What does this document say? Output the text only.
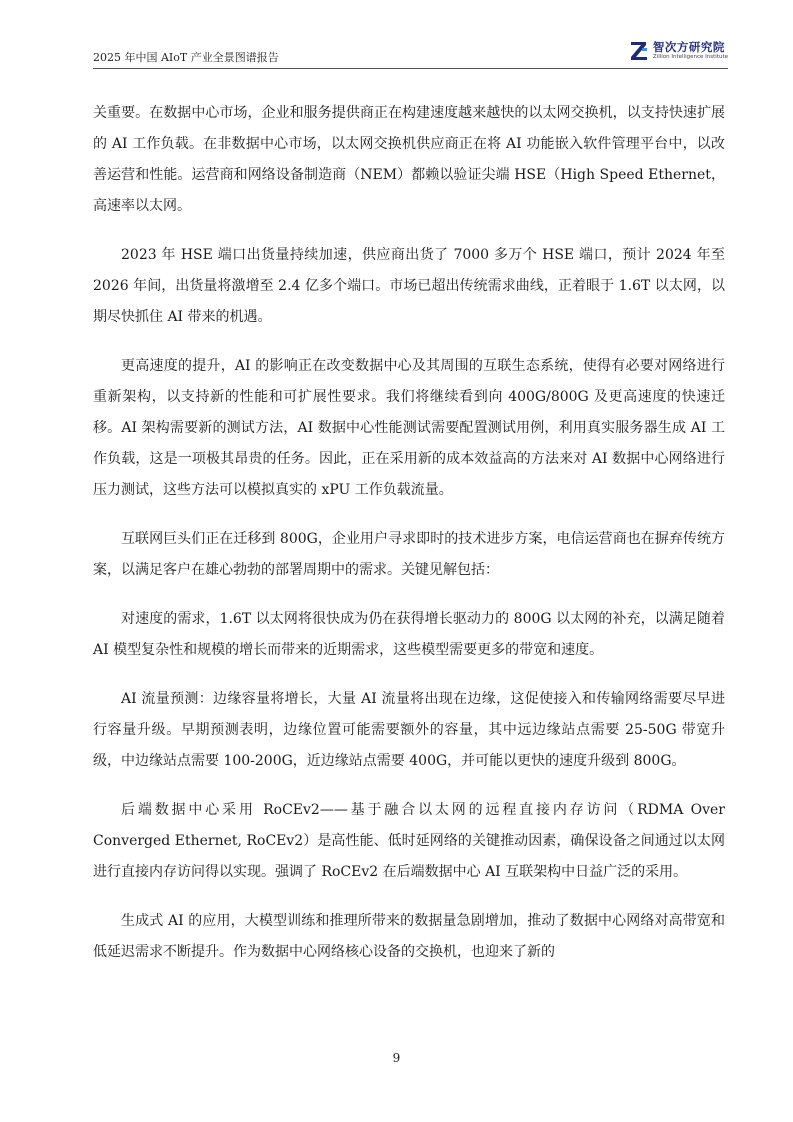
2025 年中国 AIoT 产业全景图谱报告
智次方研究院
Zillion Intelligence Institute

关重要。在数据中心市场，企业和服务提供商正在构建速度越来越快的以太网交换机，以支持快速扩展的 AI 工作负载。在非数据中心市场，以太网交换机供应商正在将 AI 功能嵌入软件管理平台中，以改善运营和性能。运营商和网络设备制造商（NEM）都赖以验证尖端 HSE（High Speed Ethernet，高速率以太网。

2023 年 HSE 端口出货量持续加速，供应商出货了 7000 多万个 HSE 端口，预计 2024 年至 2026 年间，出货量将激增至 2.4 亿多个端口。市场已超出传统需求曲线，正着眼于 1.6T 以太网，以期尽快抓住 AI 带来的机遇。

更高速度的提升，AI 的影响正在改变数据中心及其周围的互联生态系统，使得有必要对网络进行重新架构，以支持新的性能和可扩展性要求。我们将继续看到向 400G/800G 及更高速度的快速迁移。AI 架构需要新的测试方法，AI 数据中心性能测试需要配置测试用例，利用真实服务器生成 AI 工作负载，这是一项极其昂贵的任务。因此，正在采用新的成本效益高的方法来对 AI 数据中心网络进行压力测试，这些方法可以模拟真实的 xPU 工作负载流量。

互联网巨头们正在迁移到 800G，企业用户寻求即时的技术进步方案，电信运营商也在摒弃传统方案，以满足客户在雄心勃勃的部署周期中的需求。关键见解包括：

对速度的需求，1.6T 以太网将很快成为仍在获得增长驱动力的 800G 以太网的补充，以满足随着 AI 模型复杂性和规模的增长而带来的近期需求，这些模型需要更多的带宽和速度。

AI 流量预测：边缘容量将增长，大量 AI 流量将出现在边缘，这促使接入和传输网络需要尽早进行容量升级。早期预测表明，边缘位置可能需要额外的容量，其中远边缘站点需要 25-50G 带宽升级，中边缘站点需要 100-200G，近边缘站点需要 400G，并可能以更快的速度升级到 800G。

后端数据中心采用 RoCEv2——基于融合以太网的远程直接内存访问（RDMA Over Converged Ethernet, RoCEv2）是高性能、低时延网络的关键推动因素，确保设备之间通过以太网进行直接内存访问得以实现。强调了 RoCEv2 在后端数据中心 AI 互联架构中日益广泛的采用。

生成式 AI 的应用，大模型训练和推理所带来的数据量急剧增加，推动了数据中心网络对高带宽和低延迟需求不断提升。作为数据中心网络核心设备的交换机，也迎来了新的

9
